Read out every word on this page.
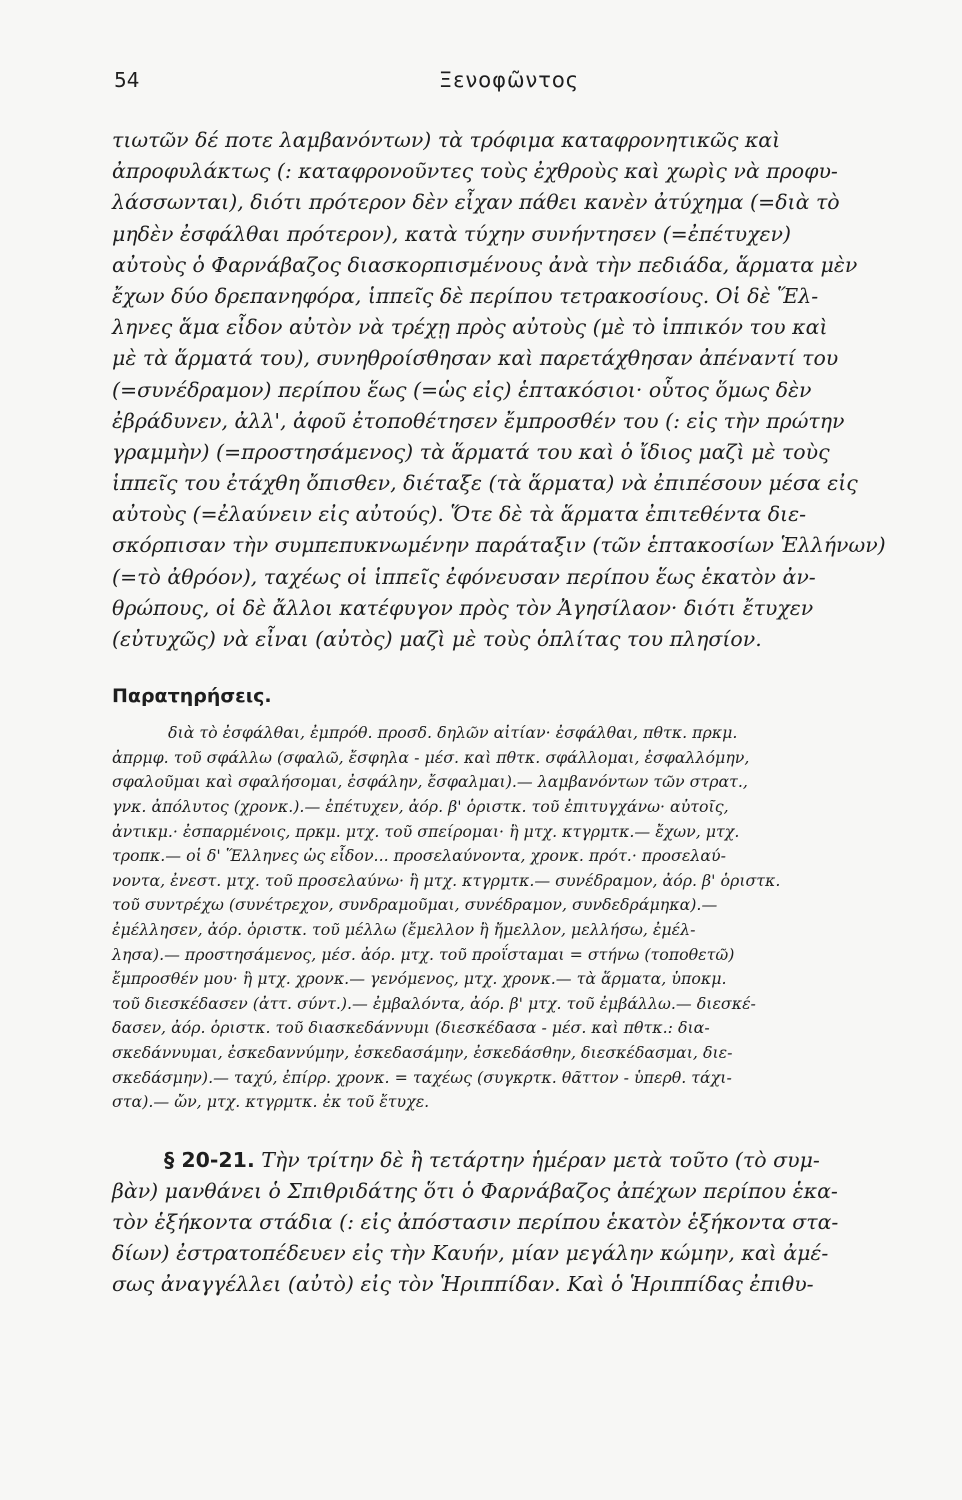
54	Ξενοφῶντος
τιωτῶν δέ ποτε λαμβανόντων) τὰ τρόφιμα καταφρονητικῶς καὶ
ἀπροφυλάκτως (: καταφρονοῦντες τοὺς ἐχθροὺς καὶ χωρὶς νὰ προφυ-
λάσσωνται), διότι πρότερον δὲν εἶχαν πάθει κανὲν ἀτύχημα (=διὰ τὸ
μηδὲν ἐσφάλθαι πρότερον), κατὰ τύχην συνήντησεν (=ἐπέτυχεν)
αὐτοὺς ὁ Φαρνάβαζος διασκορπισμένους ἀνὰ τὴν πεδιάδα, ἅρματα μὲν
ἔχων δύο δρεπανηφόρα, ἱππεῖς δὲ περίπου τετρακοσίους. Οἱ δὲ Ἕλ-
ληνες ἅμα εἶδον αὐτὸν νὰ τρέχῃ πρὸς αὐτοὺς (μὲ τὸ ἱππικόν του καὶ
μὲ τὰ ἅρματά του), συνηθροίσθησαν καὶ παρετάχθησαν ἀπέναντί του
(=συνέδραμον) περίπου ἕως (=ὡς εἰς) ἑπτακόσιοι· οὗτος ὅμως δὲν
ἐβράδυνεν, ἀλλ', ἀφοῦ ἐτοποθέτησεν ἔμπροσθέν του (: εἰς τὴν πρώτην
γραμμὴν) (=προστησάμενος) τὰ ἅρματά του καὶ ὁ ἴδιος μαζὶ μὲ τοὺς
ἱππεῖς του ἐτάχθη ὄπισθεν, διέταξε (τὰ ἅρματα) νὰ ἐπιπέσουν μέσα εἰς
αὐτοὺς (=ἐλαύνειν εἰς αὐτούς). Ὅτε δὲ τὰ ἅρματα ἐπιτεθέντα διε-
σκόρπισαν τὴν συμπεπυκνωμένην παράταξιν (τῶν ἑπτακοσίων Ἑλλήνων)
(=τὸ ἀθρόον), ταχέως οἱ ἱππεῖς ἐφόνευσαν περίπου ἕως ἑκατὸν ἀν-
θρώπους, οἱ δὲ ἄλλοι κατέφυγον πρὸς τὸν Ἀγησίλαον· διότι ἔτυχεν
(εὐτυχῶς) νὰ εἶναι (αὐτὸς) μαζὶ μὲ τοὺς ὁπλίτας του πλησίον.
Παρατηρήσεις.
διὰ τὸ ἐσφάλθαι, ἐμπρόθ. προσδ. δηλῶν αἰτίαν· ἐσφάλθαι, πθτκ. πρκμ.
ἀπρμφ. τοῦ σφάλλω (σφαλῶ, ἔσφηλα - μέσ. καὶ πθτκ. σφάλλομαι, ἐσφαλλόμην,
σφαλοῦμαι καὶ σφαλήσομαι, ἐσφάλην, ἔσφαλμαι).— λαμβανόντων τῶν στρατ.,
γνκ. ἀπόλυτος (χρονκ.).— ἐπέτυχεν, ἀόρ. β' ὁριστκ. τοῦ ἐπιτυγχάνω· αὐτοῖς,
ἀντικμ.· ἐσπαρμένοις, πρκμ. μτχ. τοῦ σπείρομαι· ἢ μτχ. κτγρμτκ.— ἔχων, μτχ.
τροπκ.— οἱ δ' Ἕλληνες ὡς εἶδον... προσελαύνοντα, χρονκ. πρότ.· προσελαύ-
νοντα, ἐνεστ. μτχ. τοῦ προσελαύνω· ἢ μτχ. κτγρμτκ.— συνέδραμον, ἀόρ. β' ὁριστκ.
τοῦ συντρέχω (συνέτρεχον, συνδραμοῦμαι, συνέδραμον, συνδεδράμηκα).—
ἐμέλλησεν, ἀόρ. ὁριστκ. τοῦ μέλλω (ἔμελλον ἢ ἤμελλον, μελλήσω, ἐμέλ-
λησα).— προστησάμενος, μέσ. ἀόρ. μτχ. τοῦ προΐσταμαι = στήνω (τοποθετῶ)
ἔμπροσθέν μου· ἢ μτχ. χρονκ.— γενόμενος, μτχ. χρονκ.— τὰ ἅρματα, ὑποκμ.
τοῦ διεσκέδασεν (ἀττ. σύντ.).— ἐμβαλόντα, ἀόρ. β' μτχ. τοῦ ἐμβάλλω.— διεσκέ-
δασεν, ἀόρ. ὁριστκ. τοῦ διασκεδάννυμι (διεσκέδασα - μέσ. καὶ πθτκ.: δια-
σκεδάννυμαι, ἐσκεδαννύμην, ἐσκεδασάμην, ἐσκεδάσθην, διεσκέδασμαι, διε-
σκεδάσμην).— ταχύ, ἐπίρρ. χρονκ. = ταχέως (συγκρτκ. θᾶττον - ὑπερθ. τάχι-
στα).— ὤν, μτχ. κτγρμτκ. ἐκ τοῦ ἔτυχε.
§ 20-21. Τὴν τρίτην δὲ ἢ τετάρτην ἡμέραν μετὰ τοῦτο (τὸ συμ-
βὰν) μανθάνει ὁ Σπιθριδάτης ὅτι ὁ Φαρνάβαζος ἀπέχων περίπου ἑκα-
τὸν ἑξήκοντα στάδια (: εἰς ἀπόστασιν περίπου ἑκατὸν ἑξήκοντα στα-
δίων) ἐστρατοπέδευεν εἰς τὴν Καυήν, μίαν μεγάλην κώμην, καὶ ἀμέ-
σως ἀναγγέλλει (αὐτὸ) εἰς τὸν Ἡριππίδαν. Καὶ ὁ Ἡριππίδας ἐπιθυ-
